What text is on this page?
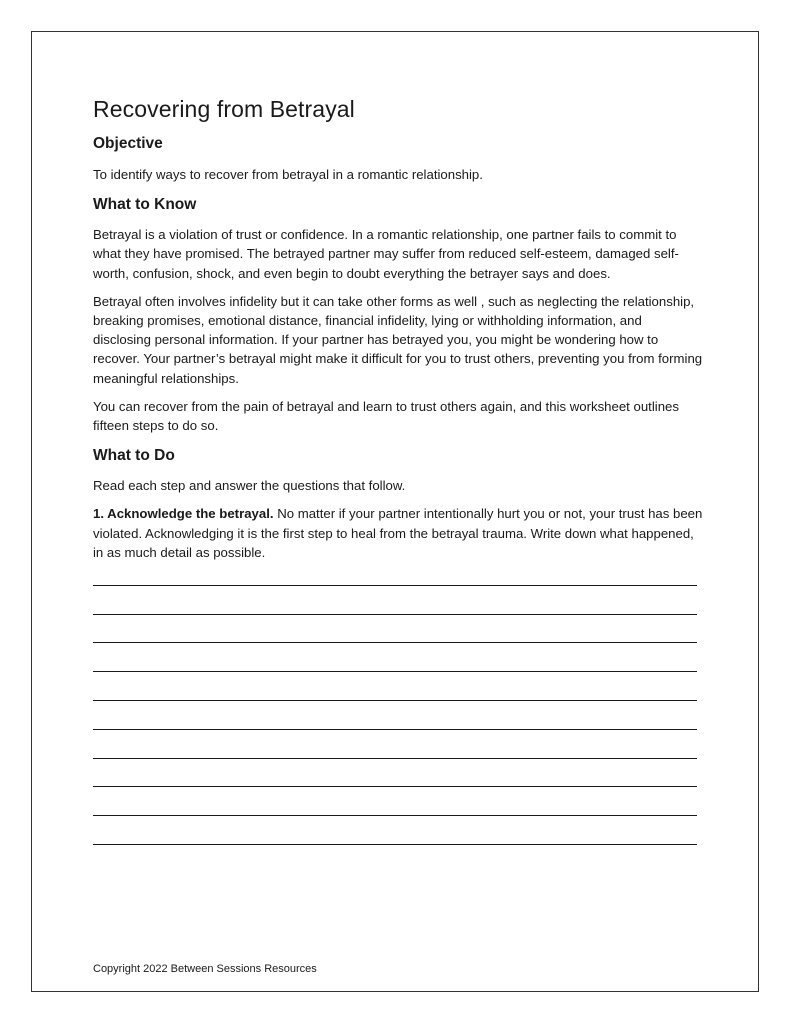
Recovering from Betrayal
Objective

To identify ways to recover from betrayal in a romantic relationship.

What to Know

Betrayal is a violation of trust or confidence. In a romantic relationship, one partner fails to commit to what they have promised. The betrayed partner may suffer from reduced self-esteem, damaged self-worth, confusion, shock, and even begin to doubt everything the betrayer says and does.

Betrayal often involves infidelity but it can take other forms as well , such as neglecting the relationship, breaking promises, emotional distance, financial infidelity, lying or withholding information, and disclosing personal information. If your partner has betrayed you, you might be wondering how to recover. Your partner’s betrayal might make it difficult for you to trust others, preventing you from forming meaningful relationships.

You can recover from the pain of betrayal and learn to trust others again, and this worksheet outlines fifteen steps to do so.

What to Do

Read each step and answer the questions that follow.

1. Acknowledge the betrayal. No matter if your partner intentionally hurt you or not, your trust has been violated. Acknowledging it is the first step to heal from the betrayal trauma. Write down what happened, in as much detail as possible.

Copyright 2022 Between Sessions Resources
